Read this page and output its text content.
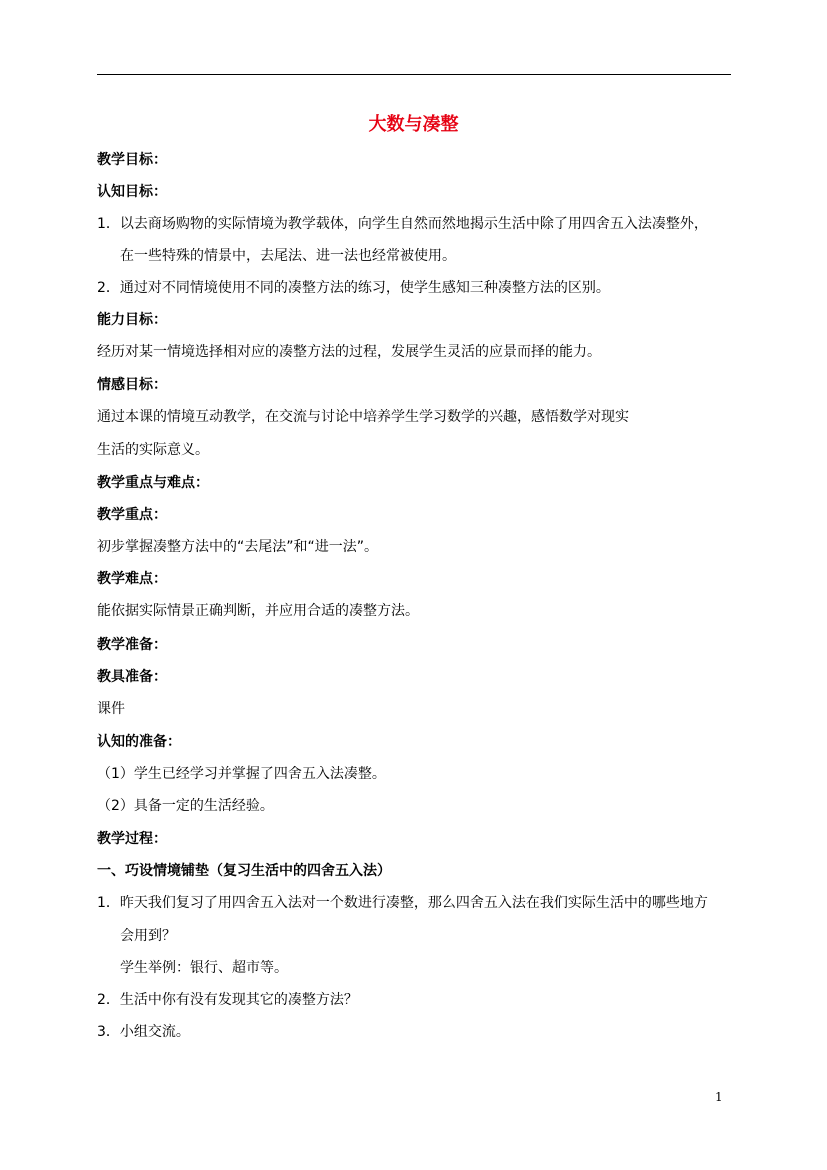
大数与凑整
教学目标：
认知目标：
1．以去商场购物的实际情境为教学载体，向学生自然而然地揭示生活中除了用四舍五入法凑整外，
在一些特殊的情景中，去尾法、进一法也经常被使用。
2．通过对不同情境使用不同的凑整方法的练习，使学生感知三种凑整方法的区别。
能力目标：
经历对某一情境选择相对应的凑整方法的过程，发展学生灵活的应景而择的能力。
情感目标：
通过本课的情境互动教学，在交流与讨论中培养学生学习数学的兴趣，感悟数学对现实
生活的实际意义。
教学重点与难点：
教学重点：
初步掌握凑整方法中的“去尾法”和“进一法”。
教学难点：
能依据实际情景正确判断，并应用合适的凑整方法。
教学准备：
教具准备：
课件
认知的准备：
（1）学生已经学习并掌握了四舍五入法凑整。
（2）具备一定的生活经验。
教学过程：
一、巧设情境铺垫（复习生活中的四舍五入法）
1．昨天我们复习了用四舍五入法对一个数进行凑整，那么四舍五入法在我们实际生活中的哪些地方
会用到？
学生举例：银行、超市等。
2．生活中你有没有发现其它的凑整方法？
3．小组交流。
1
